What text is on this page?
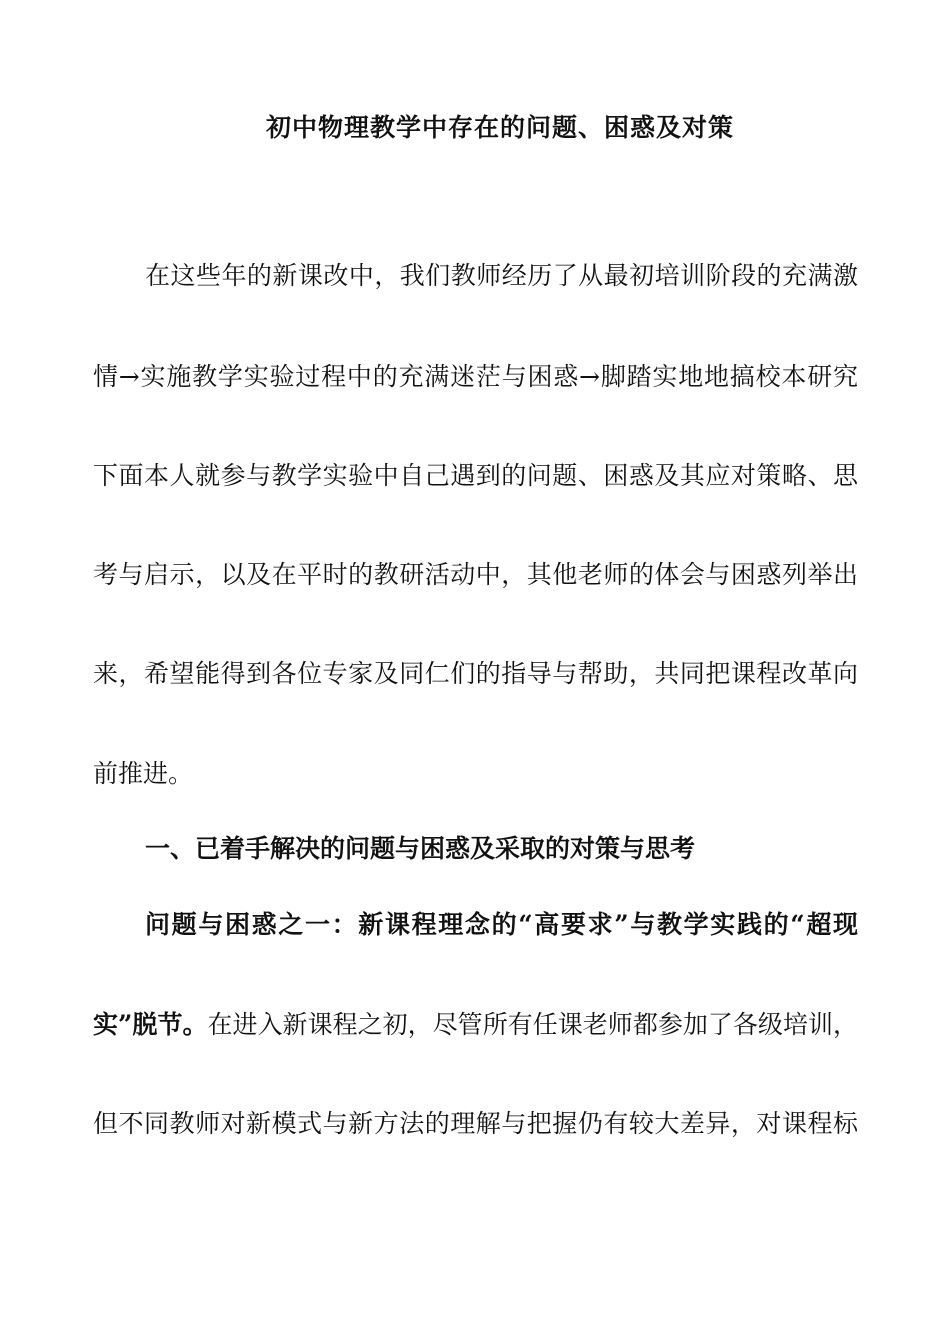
初中物理教学中存在的问题、困惑及对策
在这些年的新课改中，我们教师经历了从最初培训阶段的充满激
情→实施教学实验过程中的充满迷茫与困惑→脚踏实地地搞校本研究
下面本人就参与教学实验中自己遇到的问题、困惑及其应对策略、思
考与启示，以及在平时的教研活动中，其他老师的体会与困惑列举出
来，希望能得到各位专家及同仁们的指导与帮助，共同把课程改革向
前推进。
一、已着手解决的问题与困惑及采取的对策与思考
问题与困惑之一：新课程理念的“高要求”与教学实践的“超现
实”脱节。在进入新课程之初，尽管所有任课老师都参加了各级培训，
但不同教师对新模式与新方法的理解与把握仍有较大差异，对课程标
